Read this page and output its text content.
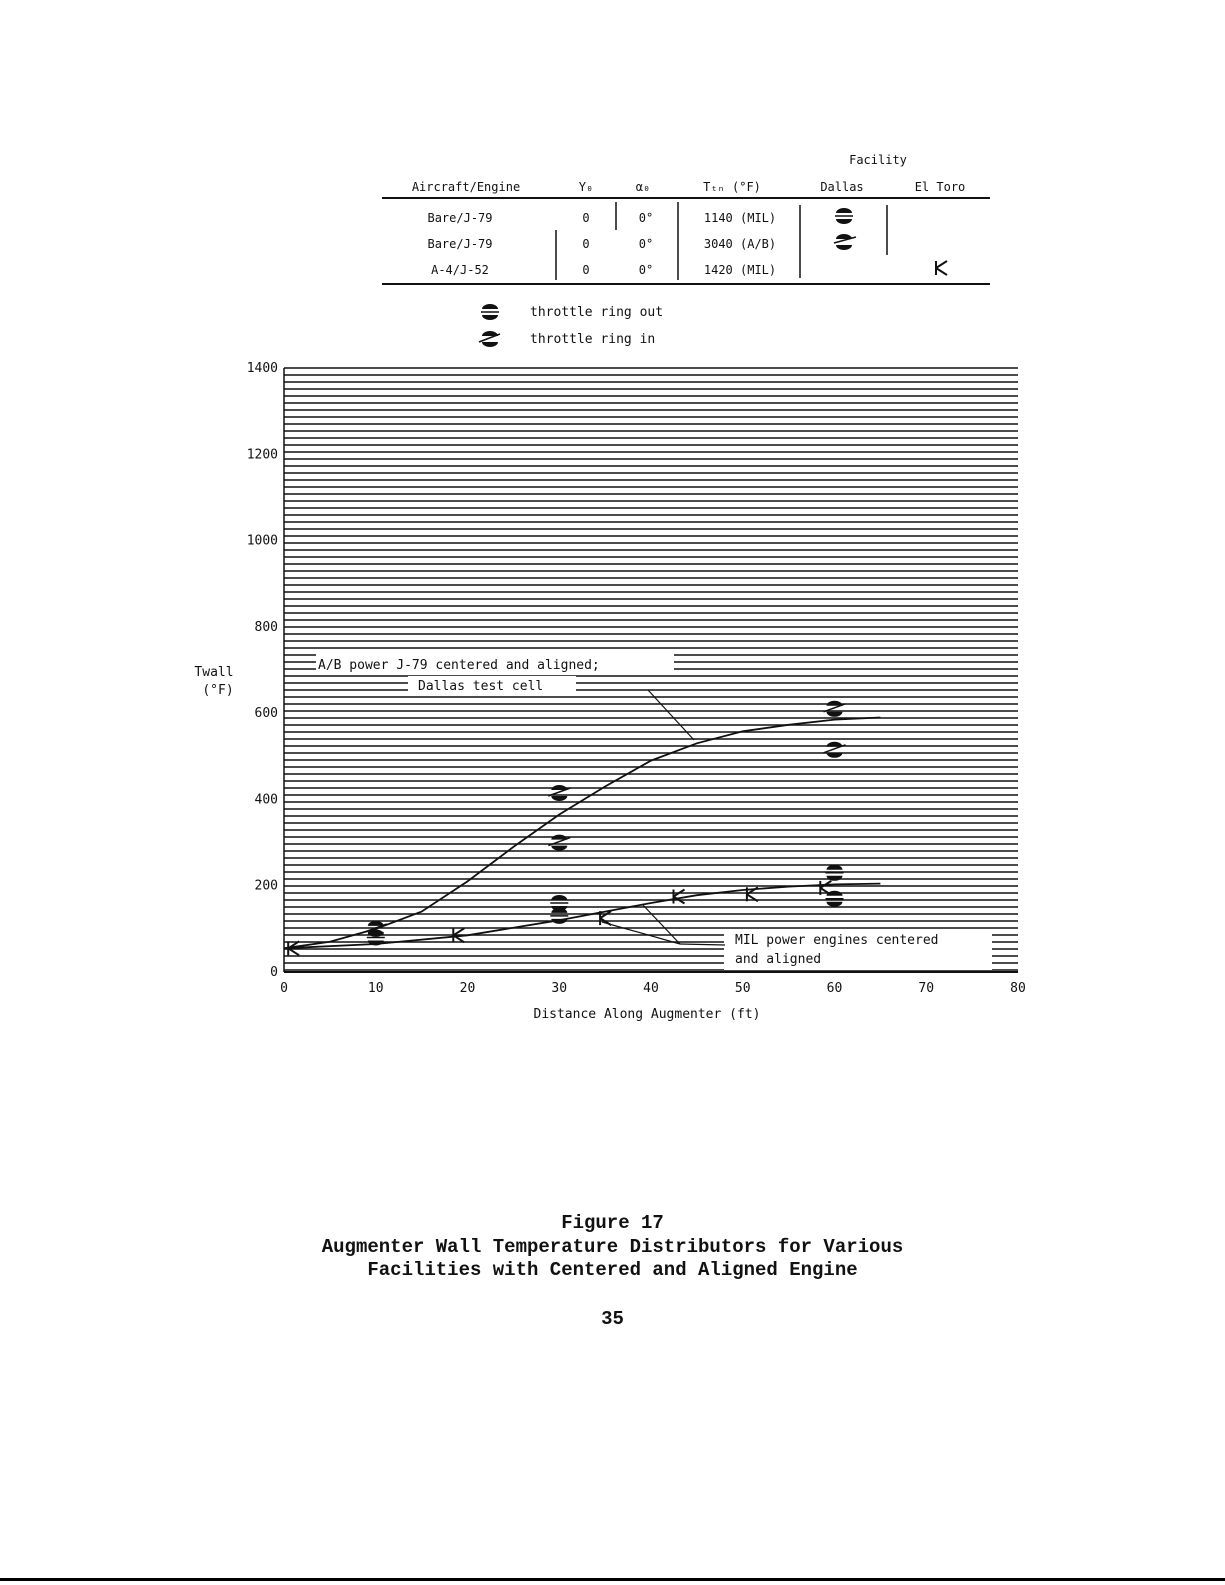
Facility
Aircraft/Engine	Y₀	α₀	Tₜₙ (°F)	Dallas	El Toro
Bare/J-79	0	0°	1140 (MIL)
Bare/J-79	0	0°	3040 (A/B)
A-4/J-52	0	0°	1420 (MIL)
throttle ring out
throttle ring in
0
200
400
600
800
1000
1200
1400
0	10	20	30	40	50	60	70	80
A/B power J-79 centered and aligned;
Dallas test cell
MIL power engines centered
and aligned
Twall
(°F)
Distance Along Augmenter (ft)
Figure 17
Augmenter Wall Temperature Distributors for Various
Facilities with Centered and Aligned Engine
35
